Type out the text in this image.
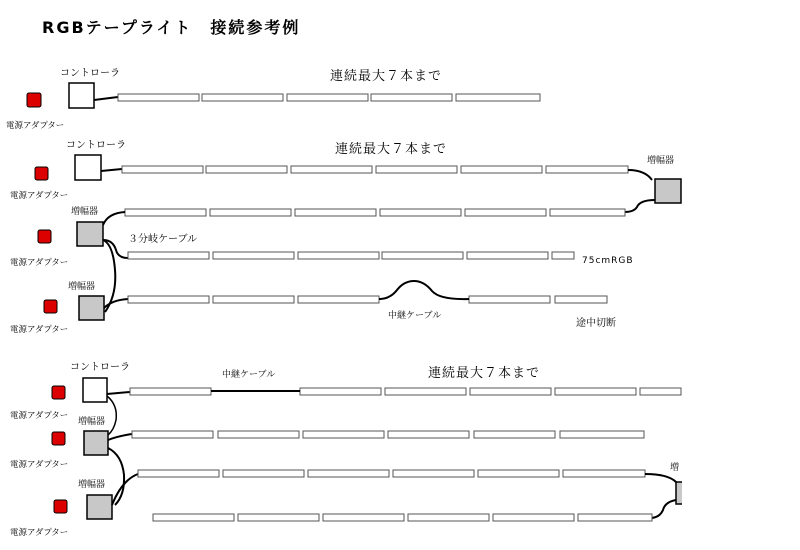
RGBテープライト　接続参考例
電源アダプター
コントローラ	連続最大７本まで
電源アダプター
コントローラ	連続最大７本まで
増幅器
電源アダプター
増幅器
３分岐ケーブル
75cmRGB
電源アダプター
増幅器
中継ケーブル
途中切断
連続最大７本まで
電源アダプター
コントローラ
中継ケーブル
電源アダプター
増幅器
電源アダプター
増幅器
増
